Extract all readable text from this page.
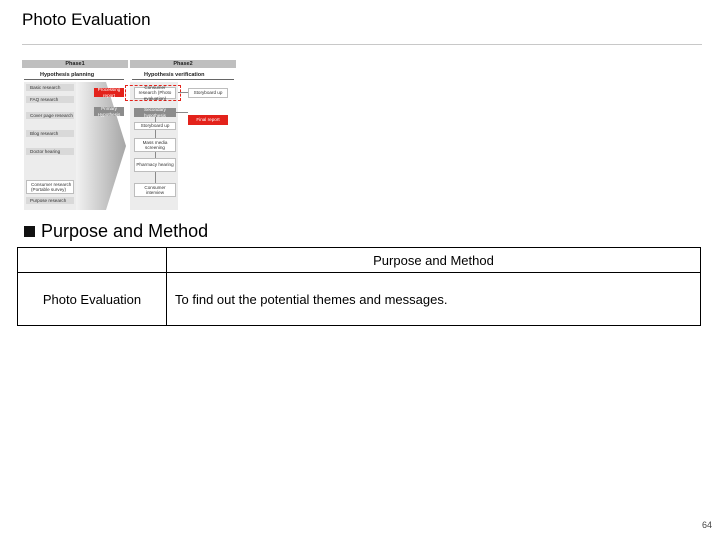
Photo Evaluation
Phase1	Phase2
Hypothesis planning	Hypothesis verification
Basic research
FAQ research
Cover page research
Blog research
Doctor hearing
Consumer research (Portable survey)
Purpose research
Processing report
Primary Hypothesis
Consumer research (Photo evaluation)
Storyboard up
Secondary hypothesis
Final report
Storyboard up
Mass media screening
Pharmacy hearing
Consumer interview
Purpose and Method
	Purpose and Method
Photo Evaluation	To find out the potential themes and messages.
64
